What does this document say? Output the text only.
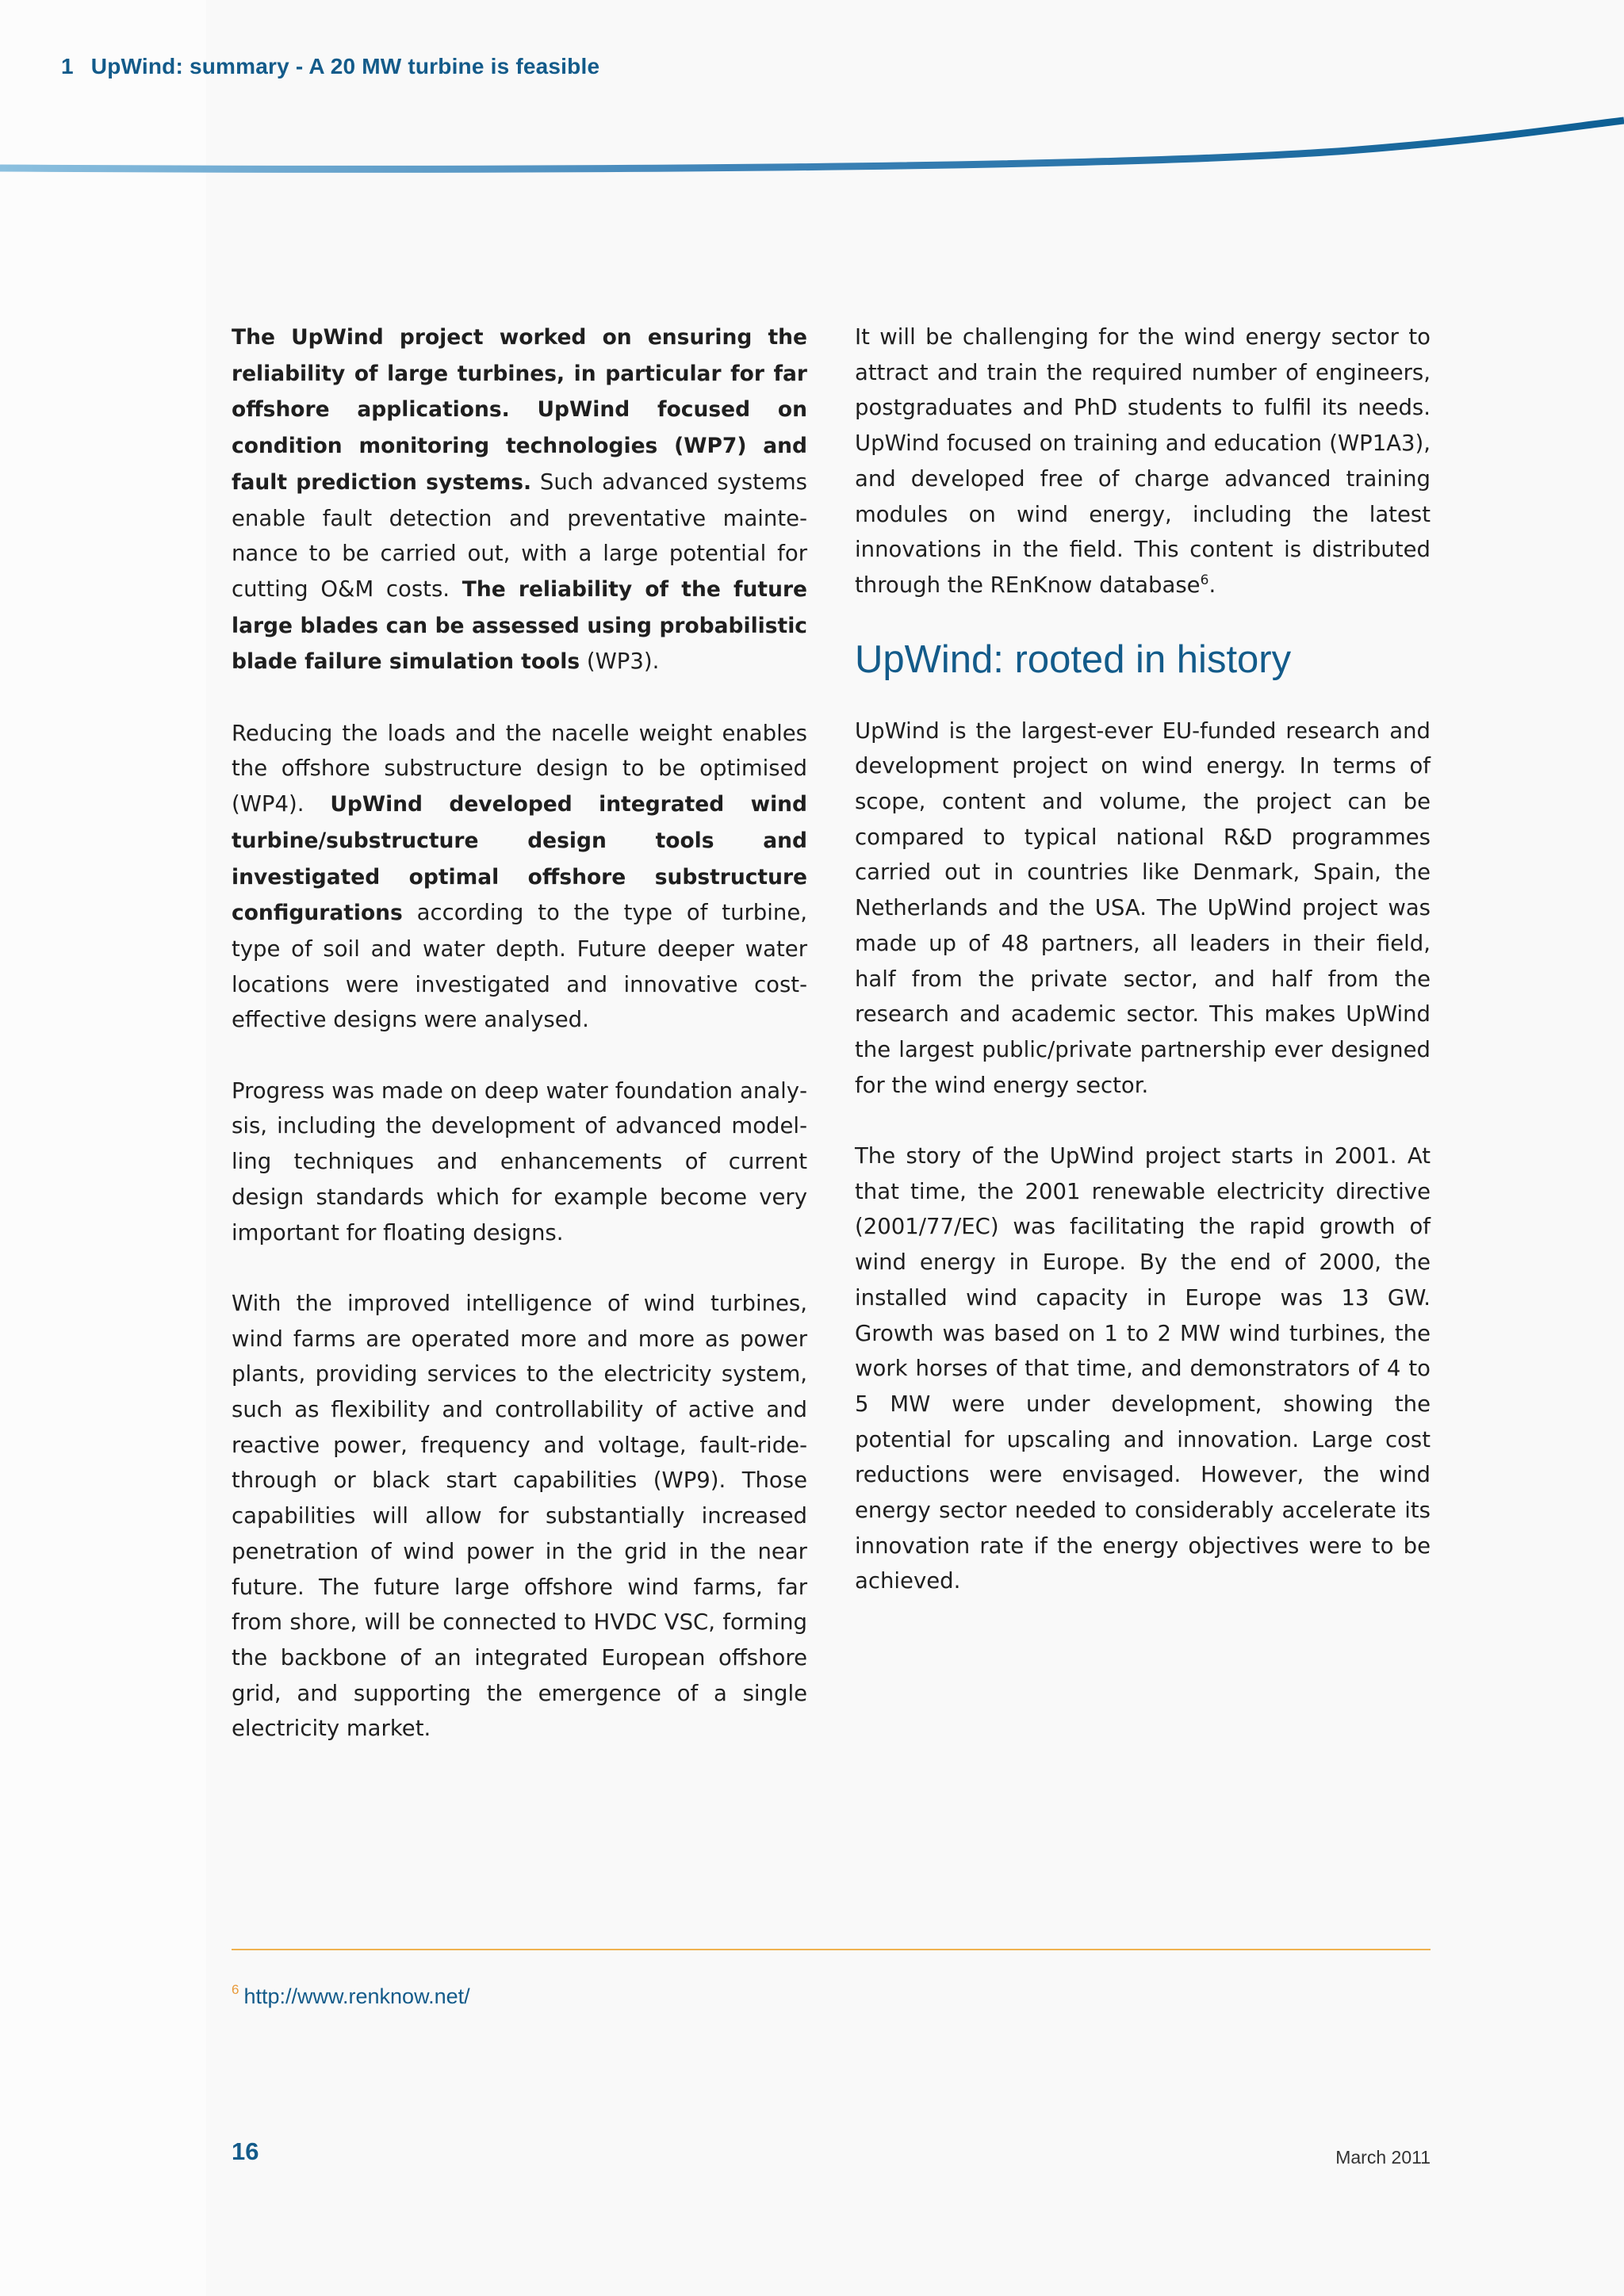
1 UpWind: summary - A 20 MW turbine is feasible

The UpWind project worked on ensuring the reliability of large turbines, in particular for far offshore applications. UpWind focused on condition monitoring technologies (WP7) and fault prediction systems. Such advanced systems enable fault detection and preventative maintenance to be carried out, with a large potential for cutting O&M costs. The reliability of the future large blades can be assessed using probabilistic blade failure simulation tools (WP3).

Reducing the loads and the nacelle weight enables the offshore substructure design to be optimised (WP4). UpWind developed integrated wind turbine/substructure design tools and investigated optimal offshore substructure configurations according to the type of turbine, type of soil and water depth. Future deeper water locations were investigated and innovative cost-effective designs were analysed.

Progress was made on deep water foundation analysis, including the development of advanced modelling techniques and enhancements of current design standards which for example become very important for floating designs.

With the improved intelligence of wind turbines, wind farms are operated more and more as power plants, providing services to the electricity system, such as flexibility and controllability of active and reactive power, frequency and voltage, fault-ride-through or black start capabilities (WP9). Those capabilities will allow for substantially increased penetration of wind power in the grid in the near future. The future large offshore wind farms, far from shore, will be connected to HVDC VSC, forming the backbone of an integrated European offshore grid, and supporting the emergence of a single electricity market.

It will be challenging for the wind energy sector to attract and train the required number of engineers, postgraduates and PhD students to fulfil its needs. UpWind focused on training and education (WP1A3), and developed free of charge advanced training modules on wind energy, including the latest innovations in the field. This content is distributed through the REnKnow database$^6$.

UpWind: rooted in history

UpWind is the largest-ever EU-funded research and development project on wind energy. In terms of scope, content and volume, the project can be compared to typical national R&D programmes carried out in countries like Denmark, Spain, the Netherlands and the USA. The UpWind project was made up of 48 partners, all leaders in their field, half from the private sector, and half from the research and academic sector. This makes UpWind the largest public/private partnership ever designed for the wind energy sector.

The story of the UpWind project starts in 2001. At that time, the 2001 renewable electricity directive (2001/77/EC) was facilitating the rapid growth of wind energy in Europe. By the end of 2000, the installed wind capacity in Europe was 13 GW. Growth was based on 1 to 2 MW wind turbines, the work horses of that time, and demonstrators of 4 to 5 MW were under development, showing the potential for upscaling and innovation. Large cost reductions were envisaged. However, the wind energy sector needed to considerably accelerate its innovation rate if the energy objectives were to be achieved.

$^6$ http://www.renknow.net/
16	March 2011
